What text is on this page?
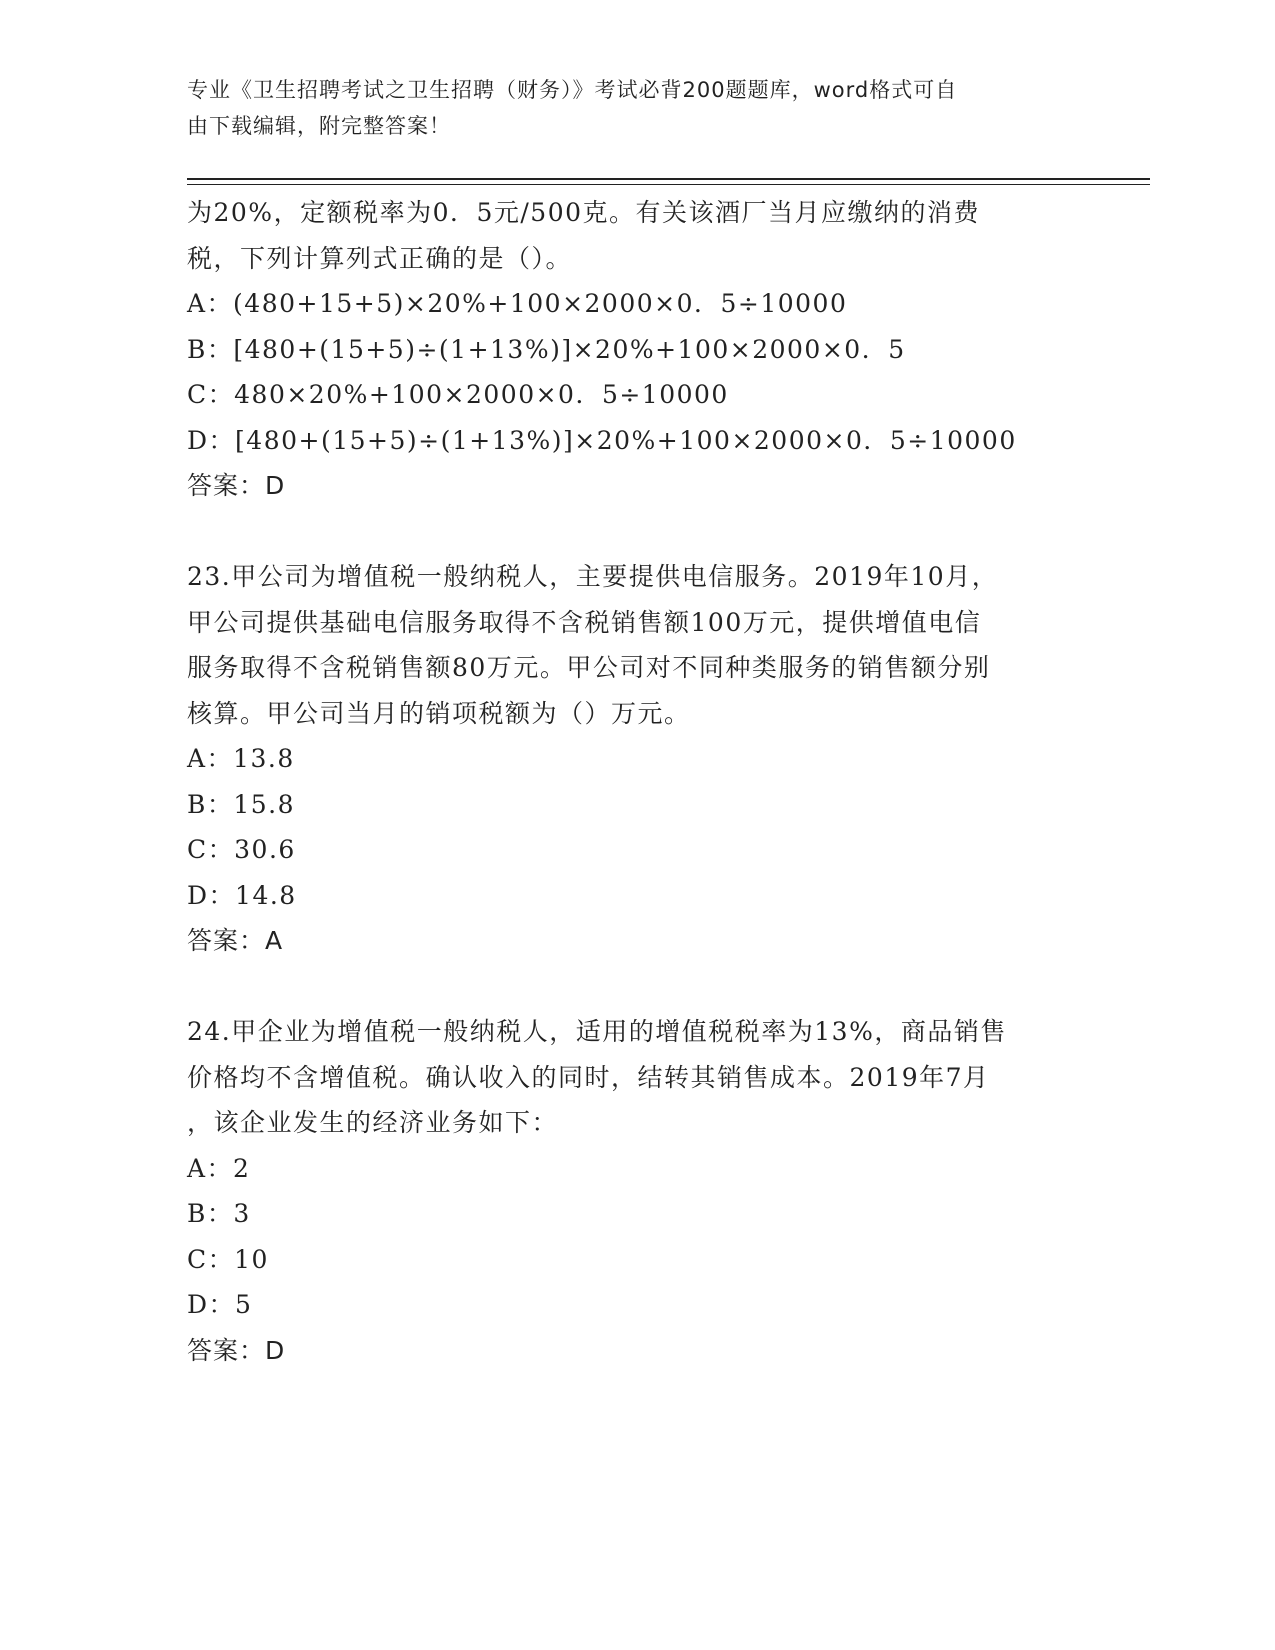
专业《卫生招聘考试之卫生招聘（财务）》考试必背200题题库，word格式可自
由下载编辑，附完整答案！
为20%，定额税率为0．5元/500克。有关该酒厂当月应缴纳的消费
税，下列计算列式正确的是（）。
A：(480+15+5)×20%+100×2000×0．5÷10000
B：[480+(15+5)÷(1+13%)]×20%+100×2000×0．5
C：480×20%+100×2000×0．5÷10000
D：[480+(15+5)÷(1+13%)]×20%+100×2000×0．5÷10000
答案：D
23.甲公司为增值税一般纳税人，主要提供电信服务。2019年10月，
甲公司提供基础电信服务取得不含税销售额100万元，提供增值电信
服务取得不含税销售额80万元。甲公司对不同种类服务的销售额分别
核算。甲公司当月的销项税额为（）万元。
A：13.8
B：15.8
C：30.6
D：14.8
答案：A
24.甲企业为增值税一般纳税人，适用的增值税税率为13%，商品销售
价格均不含增值税。确认收入的同时，结转其销售成本。2019年7月
，该企业发生的经济业务如下：
A：2
B：3
C：10
D：5
答案：D
